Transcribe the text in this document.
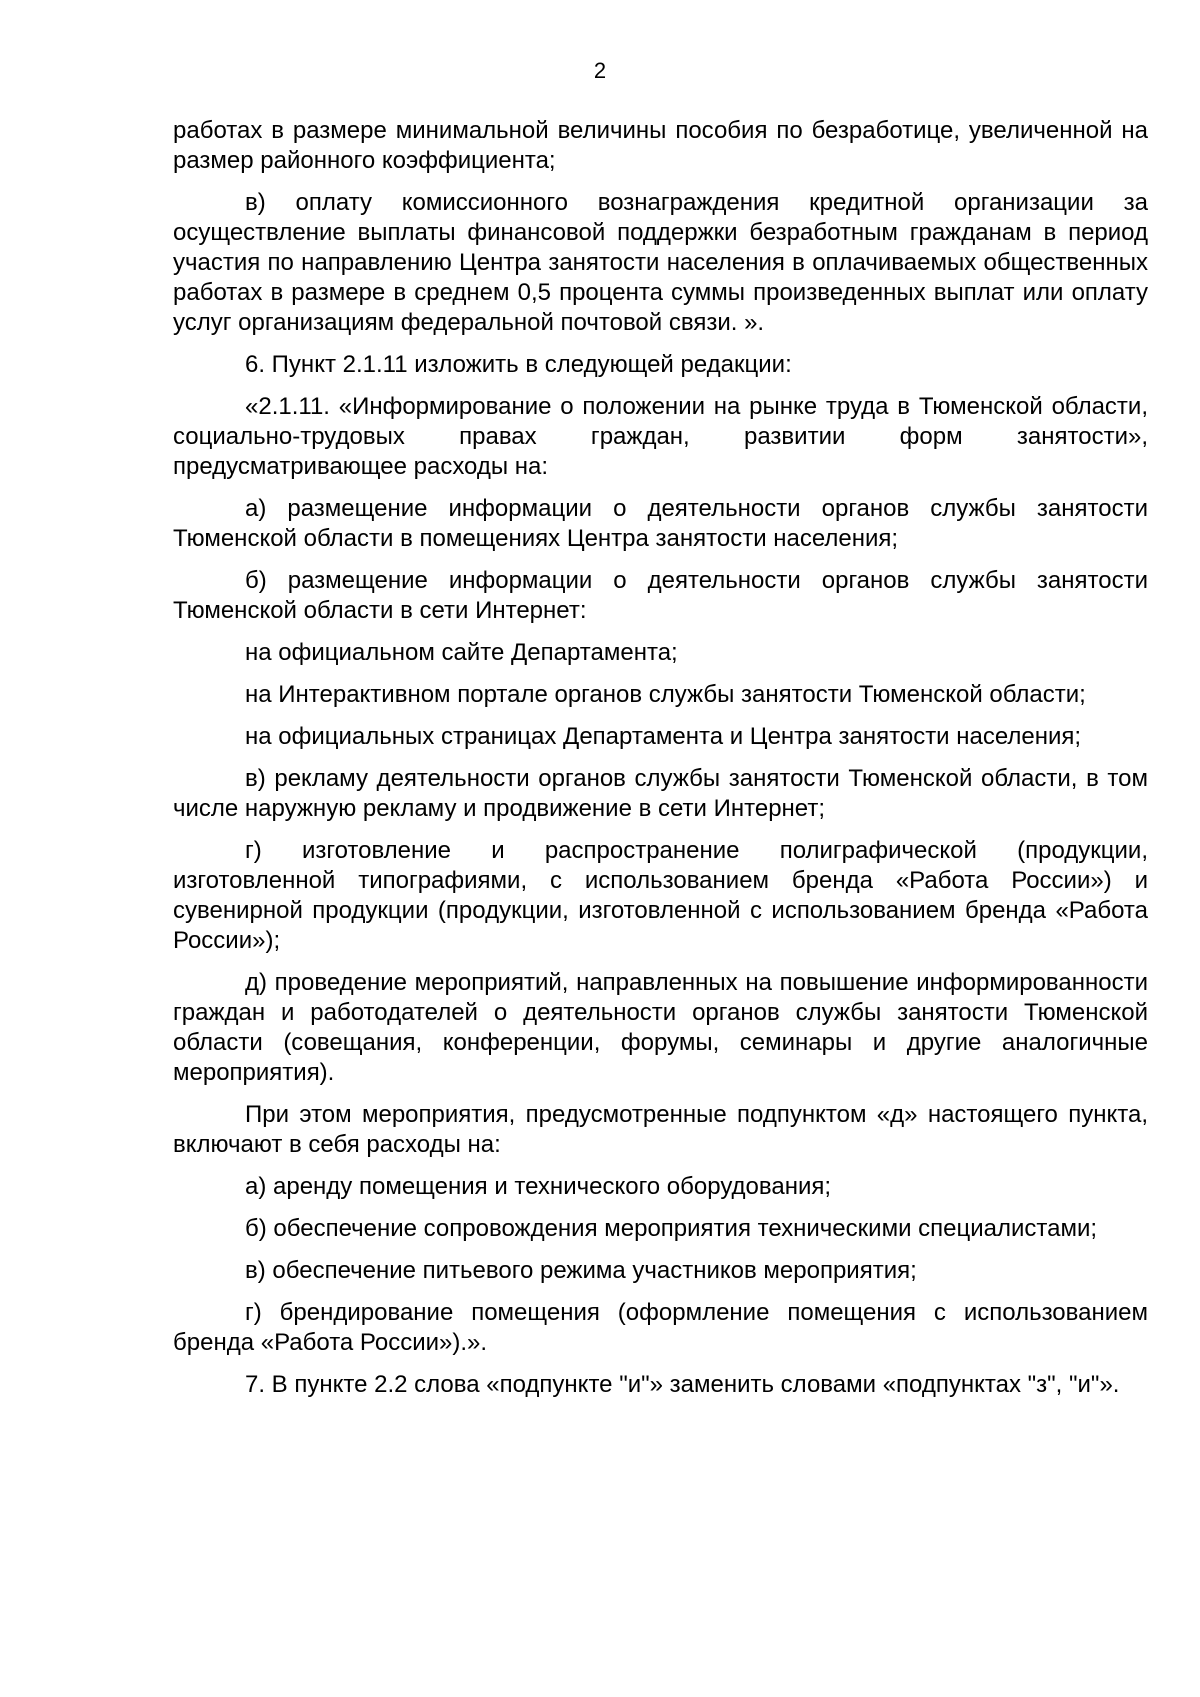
2

работах в размере минимальной величины пособия по безработице, увеличенной на размер районного коэффициента;

в) оплату комиссионного вознаграждения кредитной организации за осуществление выплаты финансовой поддержки безработным гражданам в период участия по направлению Центра занятости населения в оплачиваемых общественных работах в размере в среднем 0,5 процента суммы произведенных выплат или оплату услуг организациям федеральной почтовой связи. ».

6. Пункт 2.1.11 изложить в следующей редакции:

«2.1.11. «Информирование о положении на рынке труда в Тюменской области, социально-трудовых правах граждан, развитии форм занятости», предусматривающее расходы на:

а) размещение информации о деятельности органов службы занятости Тюменской области в помещениях Центра занятости населения;

б) размещение информации о деятельности органов службы занятости Тюменской области в сети Интернет:

на официальном сайте Департамента;

на Интерактивном портале органов службы занятости Тюменской области;

на официальных страницах Департамента и Центра занятости населения;

в) рекламу деятельности органов службы занятости Тюменской области, в том числе наружную рекламу и продвижение в сети Интернет;

г) изготовление и распространение полиграфической (продукции, изготовленной типографиями, с использованием бренда «Работа России») и сувенирной продукции (продукции, изготовленной с использованием бренда «Работа России»);

д) проведение мероприятий, направленных на повышение информированности граждан и работодателей о деятельности органов службы занятости Тюменской области (совещания, конференции, форумы, семинары и другие аналогичные мероприятия).

При этом мероприятия, предусмотренные подпунктом «д» настоящего пункта, включают в себя расходы на:

а) аренду помещения и технического оборудования;

б) обеспечение сопровождения мероприятия техническими специалистами;

в) обеспечение питьевого режима участников мероприятия;

г) брендирование помещения (оформление помещения с использованием бренда «Работа России»).».

7. В пункте 2.2 слова «подпункте "и"» заменить словами «подпунктах "з", "и"».
